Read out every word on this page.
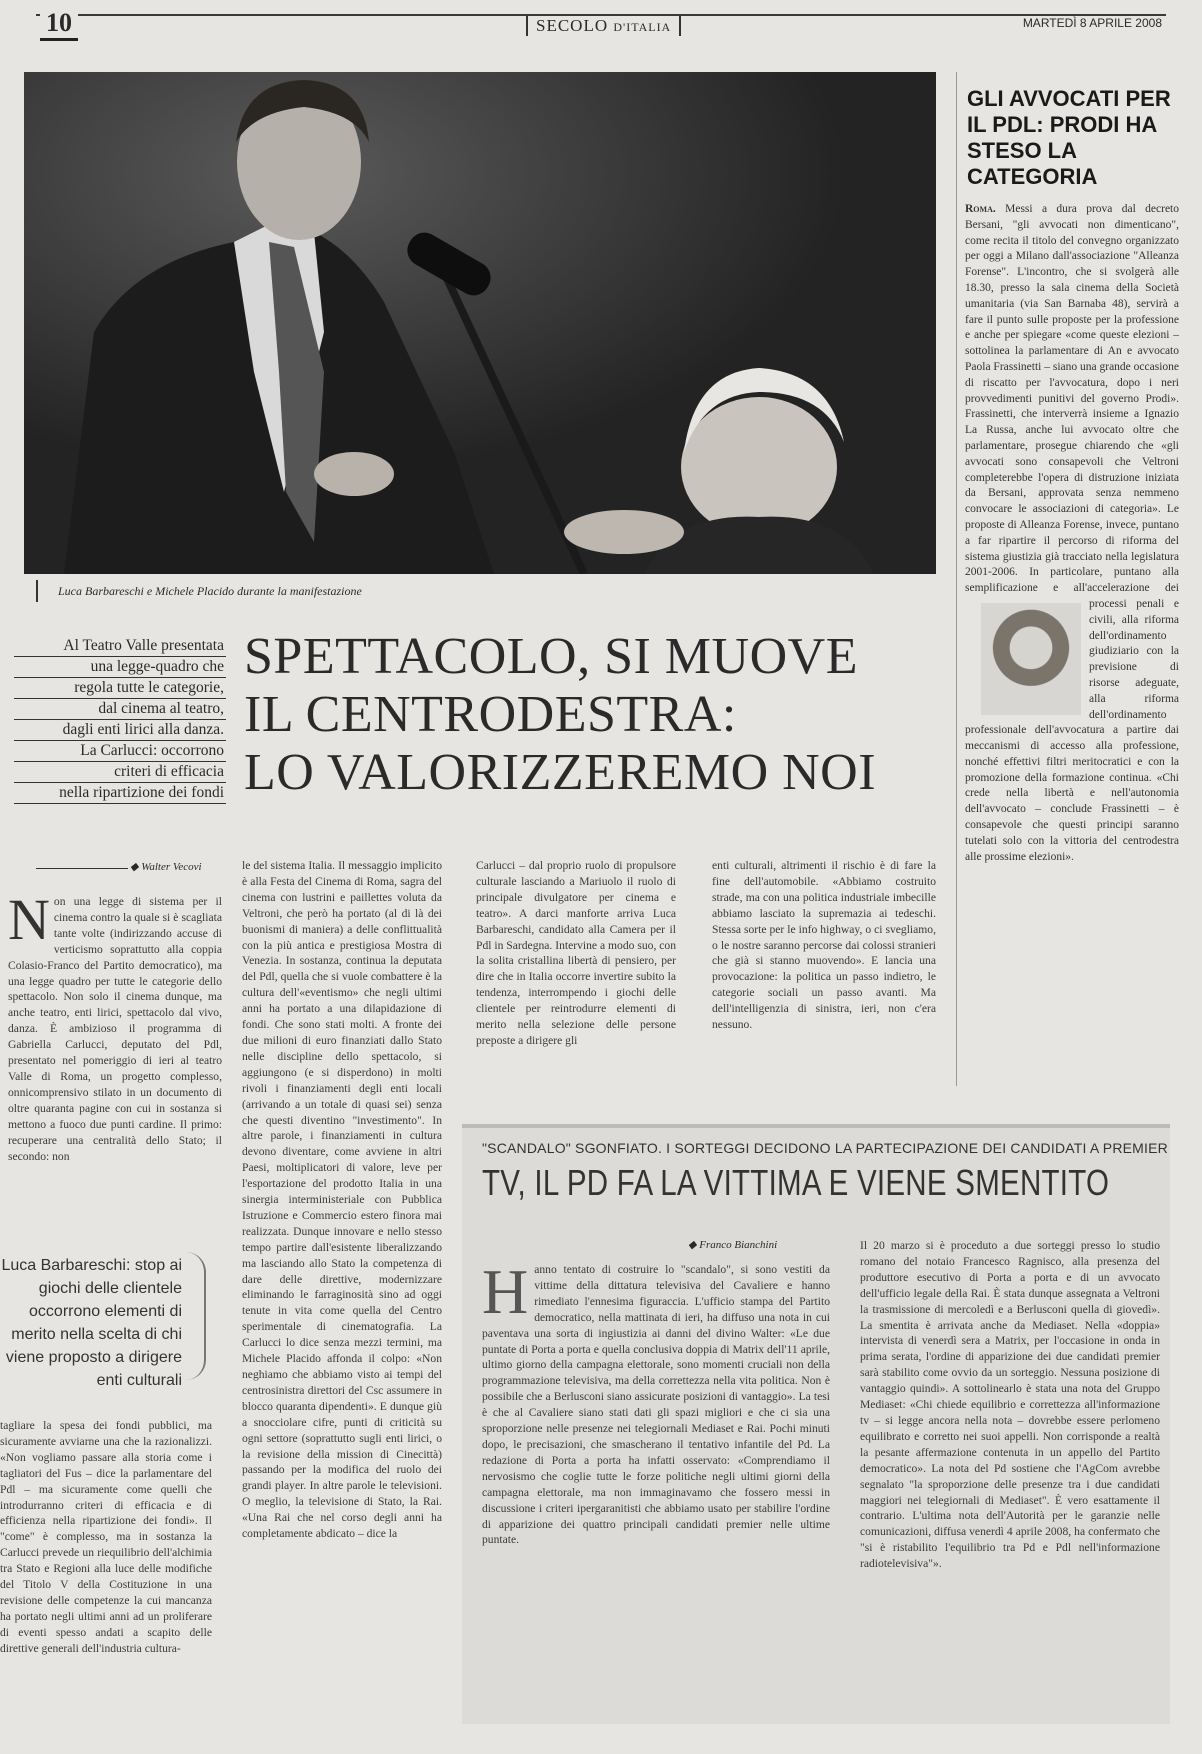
10	SECOLO D'ITALIA	MARTEDÌ 8 APRILE 2008
Luca Barbareschi e Michele Placido durante la manifestazione
GLI AVVOCATI PER IL PDL: PRODI HA STESO LA CATEGORIA
Roma. Messi a dura prova dal decreto Bersani, "gli avvocati non dimenticano", come recita il titolo del convegno organizzato per oggi a Milano dall'associazione "Alleanza Forense". L'incontro, che si svolgerà alle 18.30, presso la sala cinema della Società umanitaria (via San Barnaba 48), servirà a fare il punto sulle proposte per la professione e anche per spiegare «come queste elezioni – sottolinea la parlamentare di An e avvocato Paola Frassinetti – siano una grande occasione di riscatto per l'avvocatura, dopo i neri provvedimenti punitivi del governo Prodi». Frassinetti, che interverrà insieme a Ignazio La Russa, anche lui avvocato oltre che parlamentare, prosegue chiarendo che «gli avvocati sono consapevoli che Veltroni completerebbe l'opera di distruzione iniziata da Bersani, approvata senza nemmeno convocare le associazioni di categoria». Le proposte di Alleanza Forense, invece, puntano a far ripartire il percorso di riforma del sistema giustizia già tracciato nella legislatura 2001-2006. In particolare, puntano alla semplificazione e all'accelerazione dei processi penali e civili, alla riforma dell'ordinamento giudiziario con la previsione di risorse adeguate, alla riforma dell'ordinamento professionale dell'avvocatura a partire dai meccanismi di accesso alla professione, nonché effettivi filtri meritocratici e con la promozione della formazione continua. «Chi crede nella libertà e nell'autonomia dell'avvocato – conclude Frassinetti – è consapevole che questi principi saranno tutelati solo con la vittoria del centrodestra alle prossime elezioni».
Al Teatro Valle presentata
una legge-quadro che
regola tutte le categorie,
dal cinema al teatro,
dagli enti lirici alla danza.
La Carlucci: occorrono
criteri di efficacia
nella ripartizione dei fondi
SPETTACOLO, SI MUOVE
IL CENTRODESTRA:
LO VALORIZZEREMO NOI
◆ Walter Vecovi
N on una legge di sistema per il cinema contro la quale si è scagliata tante volte (indirizzando accuse di verticismo soprattutto alla coppia Colasio-Franco del Partito democratico), ma una legge quadro per tutte le categorie dello spettacolo. Non solo il cinema dunque, ma anche teatro, enti lirici, spettacolo dal vivo, danza. È ambizioso il programma di Gabriella Carlucci, deputato del Pdl, presentato nel pomeriggio di ieri al teatro Valle di Roma, un progetto complesso, onnicomprensivo stilato in un documento di oltre quaranta pagine con cui in sostanza si mettono a fuoco due punti cardine. Il primo: recuperare una centralità dello Stato; il secondo: non
Luca Barbareschi: stop ai giochi delle clientele occorrono elementi di merito nella scelta di chi viene proposto a dirigere enti culturali
tagliare la spesa dei fondi pubblici, ma sicuramente avviarne una che la razionalizzi. «Non vogliamo passare alla storia come i tagliatori del Fus – dice la parlamentare del Pdl – ma sicuramente come quelli che introdurranno criteri di efficacia e di efficienza nella ripartizione dei fondi». Il "come" è complesso, ma in sostanza la Carlucci prevede un riequilibrio dell'alchimia tra Stato e Regioni alla luce delle modifiche del Titolo V della Costituzione in una revisione delle competenze la cui mancanza ha portato negli ultimi anni ad un proliferare di eventi spesso andati a scapito delle direttive generali dell'industria cultura-
le del sistema Italia. Il messaggio implicito è alla Festa del Cinema di Roma, sagra del cinema con lustrini e paillettes voluta da Veltroni, che però ha portato (al di là dei buonismi di maniera) a delle conflittualità con la più antica e prestigiosa Mostra di Venezia. In sostanza, continua la deputata del Pdl, quella che si vuole combattere è la cultura dell'«eventismo» che negli ultimi anni ha portato a una dilapidazione di fondi. Che sono stati molti. A fronte dei due milioni di euro finanziati dallo Stato nelle discipline dello spettacolo, si aggiungono (e si disperdono) in molti rivoli i finanziamenti degli enti locali (arrivando a un totale di quasi sei) senza che questi diventino "investimento". In altre parole, i finanziamenti in cultura devono diventare, come avviene in altri Paesi, moltiplicatori di valore, leve per l'esportazione del prodotto Italia in una sinergia interministeriale con Pubblica Istruzione e Commercio estero finora mai realizzata. Dunque innovare e nello stesso tempo partire dall'esistente liberalizzando ma lasciando allo Stato la competenza di dare delle direttive, modernizzare eliminando le farraginosità sino ad oggi tenute in vita come quella del Centro sperimentale di cinematografia. La Carlucci lo dice senza mezzi termini, ma Michele Placido affonda il colpo: «Non neghiamo che abbiamo visto ai tempi del centrosinistra direttori del Csc assumere in blocco quaranta dipendenti». E dunque giù a snocciolare cifre, punti di criticità su ogni settore (soprattutto sugli enti lirici, o la revisione della mission di Cinecittà) passando per la modifica del ruolo dei grandi player. In altre parole le televisioni. O meglio, la televisione di Stato, la Rai. «Una Rai che nel corso degli anni ha completamente abdicato – dice la
Carlucci – dal proprio ruolo di propulsore culturale lasciando a Mariuolo il ruolo di principale divulgatore per cinema e teatro». A darci manforte arriva Luca Barbareschi, candidato alla Camera per il Pdl in Sardegna. Intervine a modo suo, con la solita cristallina libertà di pensiero, per dire che in Italia occorre invertire subito la tendenza, interrompendo i giochi delle clientele per reintrodurre elementi di merito nella selezione delle persone preposte a dirigere gli
enti culturali, altrimenti il rischio è di fare la fine dell'automobile. «Abbiamo costruito strade, ma con una politica industriale imbecille abbiamo lasciato la supremazia ai tedeschi. Stessa sorte per le info highway, o ci svegliamo, o le nostre saranno percorse dai colossi stranieri che già si stanno muovendo». E lancia una provocazione: la politica un passo indietro, le categorie sociali un passo avanti. Ma dell'intelligenzia di sinistra, ieri, non c'era nessuno.
"SCANDALO" SGONFIATO. I SORTEGGI DECIDONO LA PARTECIPAZIONE DEI CANDIDATI A PREMIER
TV, IL PD FA LA VITTIMA E VIENE SMENTITO
◆ Franco Bianchini
H anno tentato di costruire lo "scandalo", si sono vestiti da vittime della dittatura televisiva del Cavaliere e hanno rimediato l'ennesima figuraccia. L'ufficio stampa del Partito democratico, nella mattinata di ieri, ha diffuso una nota in cui paventava una sorta di ingiustizia ai danni del divino Walter: «Le due puntate di Porta a porta e quella conclusiva doppia di Matrix dell'11 aprile, ultimo giorno della campagna elettorale, sono momenti cruciali non della programmazione televisiva, ma della correttezza nella vita politica. Non è possibile che a Berlusconi siano assicurate posizioni di vantaggio». La tesi è che al Cavaliere siano stati dati gli spazi migliori e che ci sia una sproporzione nelle presenze nei telegiornali Mediaset e Rai. Pochi minuti dopo, le precisazioni, che smascherano il tentativo infantile del Pd. La redazione di Porta a porta ha infatti osservato: «Comprendiamo il nervosismo che coglie tutte le forze politiche negli ultimi giorni della campagna elettorale, ma non immaginavamo che fossero messi in discussione i criteri ipergaranitisti che abbiamo usato per stabilire l'ordine di apparizione dei quattro principali candidati premier nelle ultime puntate.
Il 20 marzo si è proceduto a due sorteggi presso lo studio romano del notaio Francesco Ragnisco, alla presenza del produttore esecutivo di Porta a porta e di un avvocato dell'ufficio legale della Rai. È stata dunque assegnata a Veltroni la trasmissione di mercoledì e a Berlusconi quella di giovedì». La smentita è arrivata anche da Mediaset. Nella «doppia» intervista di venerdì sera a Matrix, per l'occasione in onda in prima serata, l'ordine di apparizione dei due candidati premier sarà stabilito come ovvio da un sorteggio. Nessuna posizione di vantaggio quindi». A sottolinearlo è stata una nota del Gruppo Mediaset: «Chi chiede equilibrio e correttezza all'informazione tv – si legge ancora nella nota – dovrebbe essere perlomeno equilibrato e corretto nei suoi appelli. Non corrisponde a realtà la pesante affermazione contenuta in un appello del Partito democratico». La nota del Pd sostiene che l'AgCom avrebbe segnalato "la sproporzione delle presenze tra i due candidati maggiori nei telegiornali di Mediaset". È vero esattamente il contrario. L'ultima nota dell'Autorità per le garanzie nelle comunicazioni, diffusa venerdì 4 aprile 2008, ha confermato che "si è ristabilito l'equilibrio tra Pd e Pdl nell'informazione radiotelevisiva"».
